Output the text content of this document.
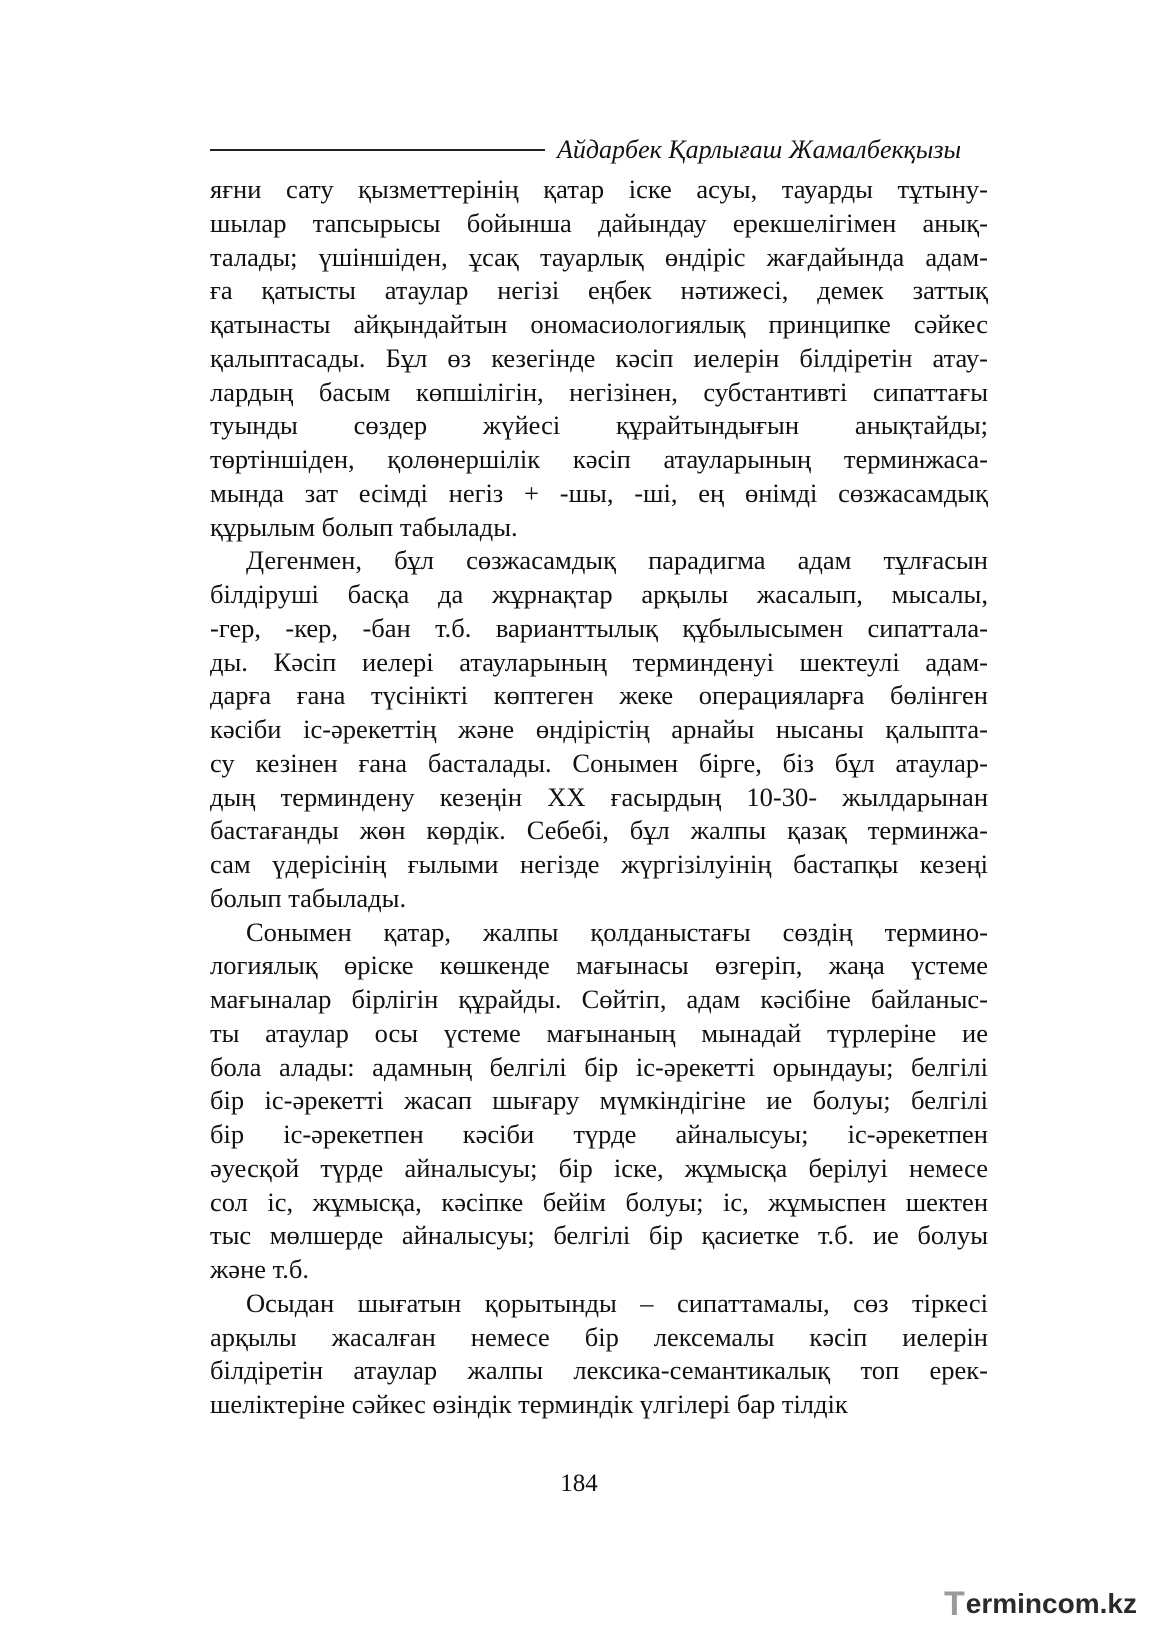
Айдарбек Қарлығаш Жамалбекқызы
яғни сату қызметтерінің қатар іске асуы, тауарды тұтыну-
шылар тапсырысы бойынша дайындау ерекшелігімен анық-
талады; үшіншіден, ұсақ тауарлық өндіріс жағдайында адам-
ға қатысты атаулар негізі еңбек нәтижесі, демек заттық
қатынасты айқындайтын ономасиологиялық принципке сәйкес
қалыптасады. Бұл өз кезегінде кәсіп иелерін білдіретін атау-
лардың басым көпшілігін, негізінен, субстантивті сипаттағы
туынды сөздер жүйесі құрайтындығын анықтайды;
төртіншіден, қолөнершілік кәсіп атауларының терминжаса-
мында зат есімді негіз + -шы, -ші, ең өнімді сөзжасамдық
құрылым болып табылады.
Дегенмен, бұл сөзжасамдық парадигма адам тұлғасын
білдіруші басқа да жұрнақтар арқылы жасалып, мысалы,
-гер, -кер, -бан т.б. варианттылық құбылысымен сипаттала-
ды. Кәсіп иелері атауларының терминденуі шектеулі адам-
дарға ғана түсінікті көптеген жеке операцияларға бөлінген
кәсіби іс-әрекеттің және өндірістің арнайы нысаны қалыпта-
су кезінен ғана басталады. Сонымен бірге, біз бұл атаулар-
дың терминдену кезеңін ХХ ғасырдың 10-30- жылдарынан
бастағанды жөн көрдік. Себебі, бұл жалпы қазақ терминжа-
сам үдерісінің ғылыми негізде жүргізілуінің бастапқы кезеңі
болып табылады.
Сонымен қатар, жалпы қолданыстағы сөздің термино-
логиялық өріске көшкенде мағынасы өзгеріп, жаңа үстеме
мағыналар бірлігін құрайды. Сөйтіп, адам кәсібіне байланыс-
ты атаулар осы үстеме мағынаның мынадай түрлеріне ие
бола алады: адамның белгілі бір іс-әрекетті орындауы; белгілі
бір іс-әрекетті жасап шығару мүмкіндігіне ие болуы; белгілі
бір іс-әрекетпен кәсіби түрде айналысуы; іс-әрекетпен
әуесқой түрде айналысуы; бір іске, жұмысқа берілуі немесе
сол іс, жұмысқа, кәсіпке бейім болуы; іс, жұмыспен шектен
тыс мөлшерде айналысуы; белгілі бір қасиетке т.б. ие болуы
және т.б.
Осыдан шығатын қорытынды – сипаттамалы, сөз тіркесі
арқылы жасалған немесе бір лексемалы кәсіп иелерін
білдіретін атаулар жалпы лексика-семантикалық топ ерек-
шеліктеріне сәйкес өзіндік терминдік үлгілері бар тілдік
184
T ermincom.kz
